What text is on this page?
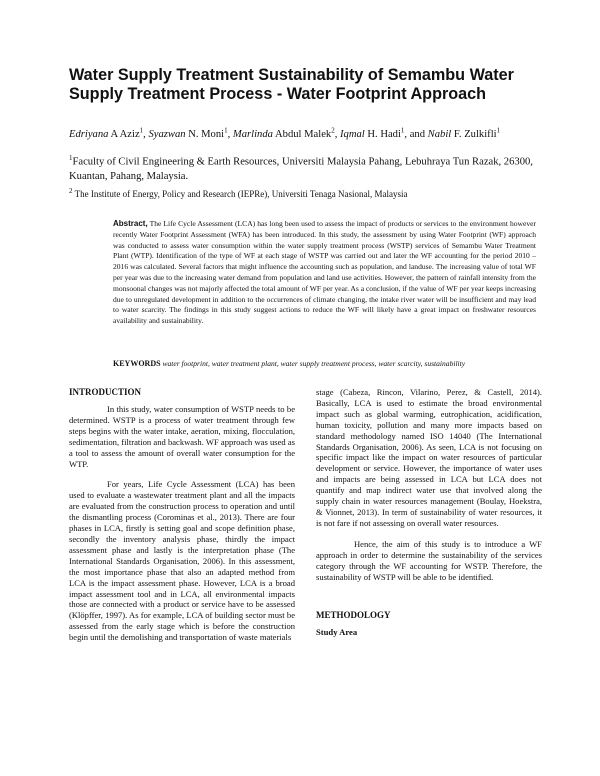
Water Supply Treatment Sustainability of Semambu Water Supply Treatment Process - Water Footprint Approach

Edriyana A Aziz$^1$, Syazwan N. Moni$^1$, Marlinda Abdul Malek$^2$, Iqmal H. Hadi$^1$, and Nabil F. Zulkifli$^1$

$^1$Faculty of Civil Engineering & Earth Resources, Universiti Malaysia Pahang, Lebuhraya Tun Razak, 26300, Kuantan, Pahang, Malaysia.

$^2$ The Institute of Energy, Policy and Research (IEPRe), Universiti Tenaga Nasional, Malaysia

Abstract, The Life Cycle Assessment (LCA) has long been used to assess the impact of products or services to the environment however recently Water Footprint Assessment (WFA) has been introduced. In this study, the assessment by using Water Footprint (WF) approach was conducted to assess water consumption within the water supply treatment process (WSTP) services of Semambu Water Treatment Plant (WTP). Identification of the type of WF at each stage of WSTP was carried out and later the WF accounting for the period 2010 – 2016 was calculated. Several factors that might influence the accounting such as population, and landuse. The increasing value of total WF per year was due to the increasing water demand from population and land use activities. However, the pattern of rainfall intensity from the monsoonal changes was not majorly affected the total amount of WF per year. As a conclusion, if the value of WF per year keeps increasing due to unregulated development in addition to the occurrences of climate changing, the intake river water will be insufficient and may lead to water scarcity. The findings in this study suggest actions to reduce the WF will likely have a great impact on freshwater resources availability and sustainability.

KEYWORDS water footprint, water treatment plant, water supply treatment process, water scarcity, sustainability

INTRODUCTION

In this study, water consumption of WSTP needs to be determined. WSTP is a process of water treatment through few steps begins with the water intake, aeration, mixing, flocculation, sedimentation, filtration and backwash. WF approach was used as a tool to assess the amount of overall water consumption for the WTP.

For years, Life Cycle Assessment (LCA) has been used to evaluate a wastewater treatment plant and all the impacts are evaluated from the construction process to operation and until the dismantling process (Corominas et al., 2013). There are four phases in LCA, firstly is setting goal and scope definition phase, secondly the inventory analysis phase, thirdly the impact assessment phase and lastly is the interpretation phase (The International Standards Organisation, 2006). In this assessment, the most importance phase that also an adapted method from LCA is the impact assessment phase. However, LCA is a broad impact assessment tool and in LCA, all environmental impacts those are connected with a product or service have to be assessed (Klöpffer, 1997). As for example, LCA of building sector must be assessed from the early stage which is before the construction begin until the demolishing and transportation of waste materials

stage (Cabeza, Rincon, Vilarino, Perez, & Castell, 2014). Basically, LCA is used to estimate the broad environmental impact such as global warming, eutrophication, acidification, human toxicity, pollution and many more impacts based on standard methodology named ISO 14040 (The International Standards Organisation, 2006). As seen, LCA is not focusing on specific impact like the impact on water resources of particular development or service. However, the importance of water uses and impacts are being assessed in LCA but LCA does not quantify and map indirect water use that involved along the supply chain in water resources management (Boulay, Hoekstra, & Vionnet, 2013). In term of sustainability of water resources, it is not fare if not assessing on overall water resources.

Hence, the aim of this study is to introduce a WF approach in order to determine the sustainability of the services category through the WF accounting for WSTP. Therefore, the sustainability of WSTP will be able to be identified.

METHODOLOGY
Study Area
